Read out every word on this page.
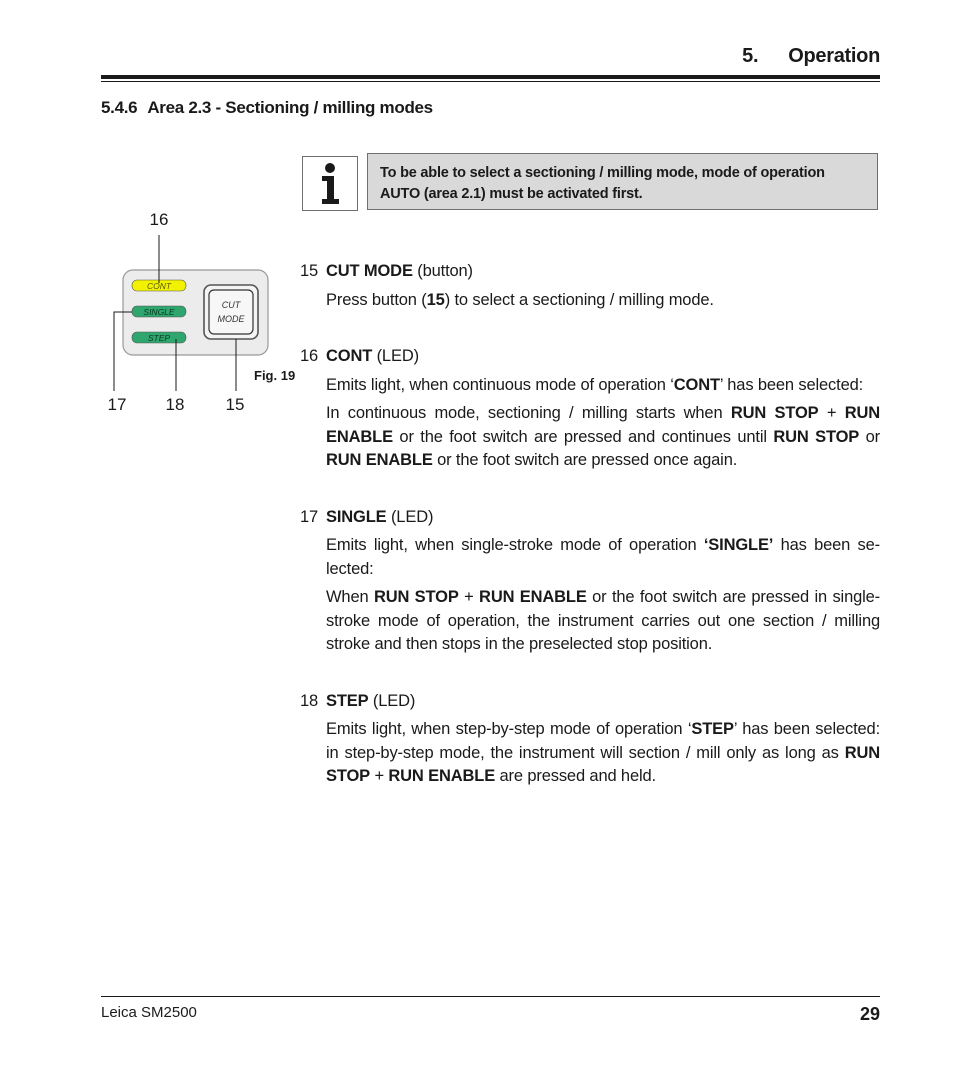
5. Operation
5.4.6 Area 2.3 - Sectioning / milling modes
To be able to select a sectioning / milling mode, mode of operation AUTO (area 2.1) must be activated first.
CONT
SINGLE
STEP
CUT
MODE
16
17 18 15
Fig. 19
15 CUT MODE (button)

Press button (15) to select a sectioning / milling mode.

16 CONT (LED)

Emits light, when continuous mode of operation ‘CONT’ has been selected:

In continuous mode, sectioning / milling starts when RUN STOP + RUN ENABLE or the foot switch are pressed and continues until RUN STOP or RUN ENABLE or the foot switch are pressed once again.

17 SINGLE (LED)

Emits light, when single-stroke mode of operation ‘SINGLE’ has been se-lected:

When RUN STOP + RUN ENABLE or the foot switch are pressed in single-stroke mode of operation, the instrument carries out one section / milling stroke and then stops in the preselected stop position.

18 STEP (LED)

Emits light, when step-by-step mode of operation ‘STEP’ has been selected: in step-by-step mode, the instrument will section / mill only as long as RUN STOP + RUN ENABLE are pressed and held.

Leica SM2500	29
